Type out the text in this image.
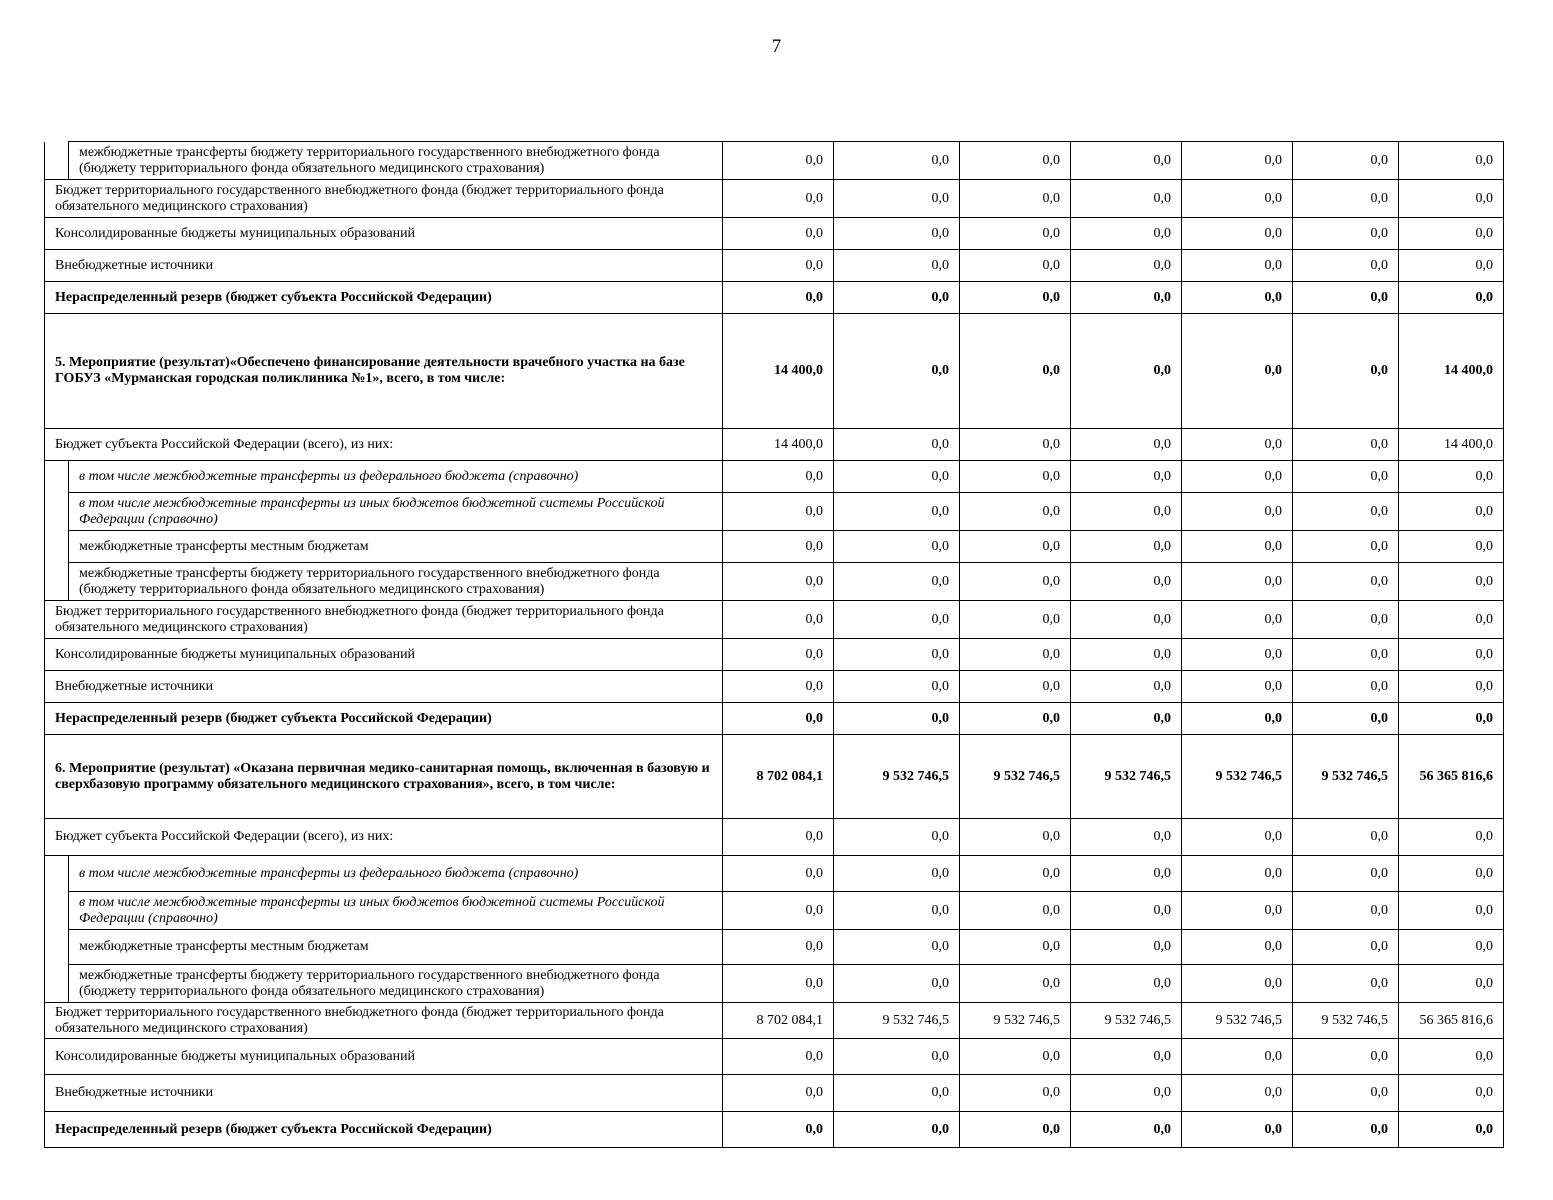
7
	межбюджетные трансферты бюджету территориального государственного внебюджетного фонда (бюджету территориального фонда обязательного медицинского страхования)	0,0	0,0	0,0	0,0	0,0	0,0	0,0
Бюджет территориального государственного внебюджетного фонда (бюджет территориального фонда обязательного медицинского страхования)		0,0	0,0	0,0	0,0	0,0	0,0	0,0
Консолидированные бюджеты муниципальных образований		0,0	0,0	0,0	0,0	0,0	0,0	0,0
Внебюджетные источники		0,0	0,0	0,0	0,0	0,0	0,0	0,0
Нераспределенный резерв (бюджет субъекта Российской Федерации)		0,0	0,0	0,0	0,0	0,0	0,0	0,0
5. Мероприятие (результат)«Обеспечено финансирование деятельности врачебного участка на базе ГОБУЗ «Мурманская городская поликлиника №1», всего, в том числе:		14 400,0	0,0	0,0	0,0	0,0	0,0	14 400,0
Бюджет субъекта Российской Федерации (всего), из них:		14 400,0	0,0	0,0	0,0	0,0	0,0	14 400,0
	в том числе межбюджетные трансферты из федерального бюджета (справочно)	0,0	0,0	0,0	0,0	0,0	0,0	0,0
	в том числе межбюджетные трансферты из иных бюджетов бюджетной системы Российской Федерации (справочно)	0,0	0,0	0,0	0,0	0,0	0,0	0,0
	межбюджетные трансферты местным бюджетам	0,0	0,0	0,0	0,0	0,0	0,0	0,0
	межбюджетные трансферты бюджету территориального государственного внебюджетного фонда (бюджету территориального фонда обязательного медицинского страхования)	0,0	0,0	0,0	0,0	0,0	0,0	0,0
Бюджет территориального государственного внебюджетного фонда (бюджет территориального фонда обязательного медицинского страхования)		0,0	0,0	0,0	0,0	0,0	0,0	0,0
Консолидированные бюджеты муниципальных образований		0,0	0,0	0,0	0,0	0,0	0,0	0,0
Внебюджетные источники		0,0	0,0	0,0	0,0	0,0	0,0	0,0
Нераспределенный резерв (бюджет субъекта Российской Федерации)		0,0	0,0	0,0	0,0	0,0	0,0	0,0
6. Мероприятие (результат) «Оказана первичная медико-санитарная помощь, включенная в базовую и сверхбазовую программу обязательного медицинского страхования», всего, в том числе:		8 702 084,1	9 532 746,5	9 532 746,5	9 532 746,5	9 532 746,5	9 532 746,5	56 365 816,6
Бюджет субъекта Российской Федерации (всего), из них:		0,0	0,0	0,0	0,0	0,0	0,0	0,0
	в том числе межбюджетные трансферты из федерального бюджета (справочно)	0,0	0,0	0,0	0,0	0,0	0,0	0,0
	в том числе межбюджетные трансферты из иных бюджетов бюджетной системы Российской Федерации (справочно)	0,0	0,0	0,0	0,0	0,0	0,0	0,0
	межбюджетные трансферты местным бюджетам	0,0	0,0	0,0	0,0	0,0	0,0	0,0
	межбюджетные трансферты бюджету территориального государственного внебюджетного фонда (бюджету территориального фонда обязательного медицинского страхования)	0,0	0,0	0,0	0,0	0,0	0,0	0,0
Бюджет территориального государственного внебюджетного фонда (бюджет территориального фонда обязательного медицинского страхования)		8 702 084,1	9 532 746,5	9 532 746,5	9 532 746,5	9 532 746,5	9 532 746,5	56 365 816,6
Консолидированные бюджеты муниципальных образований		0,0	0,0	0,0	0,0	0,0	0,0	0,0
Внебюджетные источники		0,0	0,0	0,0	0,0	0,0	0,0	0,0
Нераспределенный резерв (бюджет субъекта Российской Федерации)		0,0	0,0	0,0	0,0	0,0	0,0	0,0
